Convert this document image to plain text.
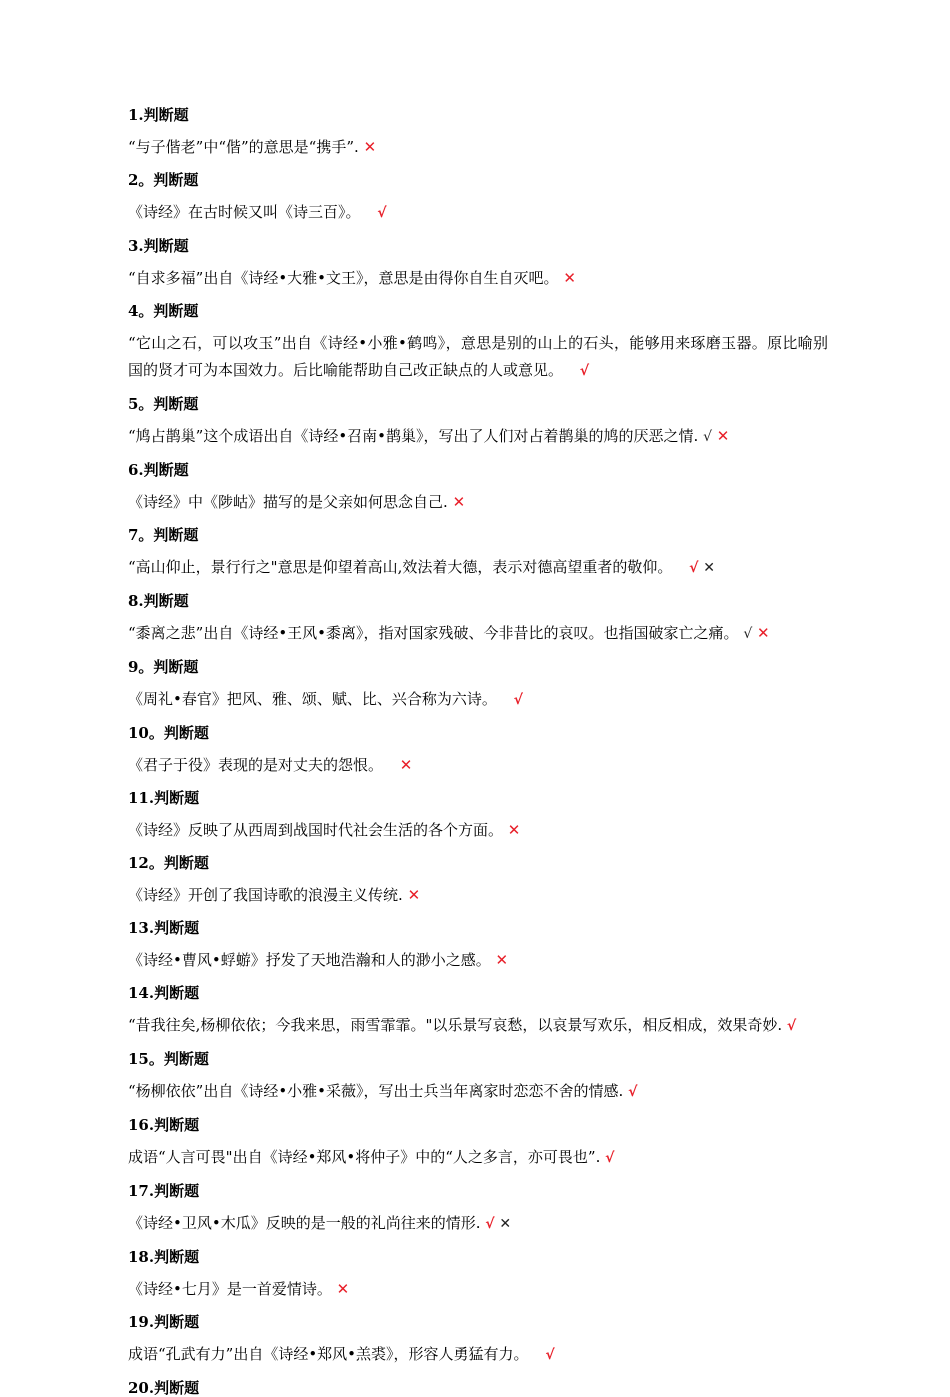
1.判断题
“与子偕老”中“偕”的意思是“携手”. ✕
2。判断题
《诗经》在古时候又叫《诗三百》。 √
3.判断题
“自求多福”出自《诗经•大雅•文王》，意思是由得你自生自灭吧。 ✕
4。判断题
“它山之石，可以攻玉”出自《诗经•小雅•鹤鸣》，意思是别的山上的石头，能够用来琢磨玉器。原比喻别国的贤才可为本国效力。后比喻能帮助自己改正缺点的人或意见。 √
5。判断题
“鸠占鹊巢”这个成语出自《诗经•召南•鹊巢》，写出了人们对占着鹊巢的鸠的厌恶之情. √ ✕
6.判断题
《诗经》中《陟岵》描写的是父亲如何思念自己. ✕
7。判断题
“高山仰止，景行行之"意思是仰望着高山,效法着大德，表示对德高望重者的敬仰。 √ ✕
8.判断题
“黍离之悲”出自《诗经•王风•黍离》，指对国家残破、今非昔比的哀叹。也指国破家亡之痛。 √ ✕
9。判断题
《周礼•春官》把风、雅、颂、赋、比、兴合称为六诗。 √
10。判断题
《君子于役》表现的是对丈夫的怨恨。 ✕
11.判断题
《诗经》反映了从西周到战国时代社会生活的各个方面。 ✕
12。判断题
《诗经》开创了我国诗歌的浪漫主义传统. ✕
13.判断题
《诗经•曹风•蜉蝣》抒发了天地浩瀚和人的渺小之感。 ✕
14.判断题
“昔我往矣,杨柳依依；今我来思，雨雪霏霏。"以乐景写哀愁，以哀景写欢乐，相反相成，效果奇妙. √
15。判断题
“杨柳依依”出自《诗经•小雅•采薇》，写出士兵当年离家时恋恋不舍的情感. √
16.判断题
成语“人言可畏"出自《诗经•郑风•将仲子》中的“人之多言，亦可畏也”. √
17.判断题
《诗经•卫风•木瓜》反映的是一般的礼尚往来的情形. √ ✕
18.判断题
《诗经•七月》是一首爱情诗。 ✕
19.判断题
成语“孔武有力”出自《诗经•郑风•羔裘》，形容人勇猛有力。 √
20.判断题
